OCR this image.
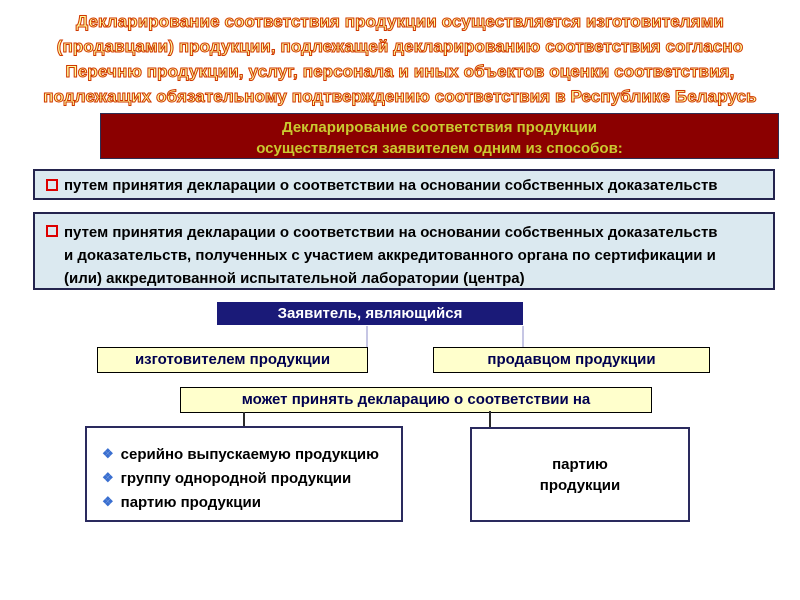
Декларирование соответствия продукции осуществляется изготовителями
(продавцами) продукции, подлежащей декларированию соответствия согласно
Перечню продукции, услуг, персонала и иных объектов оценки соответствия,
подлежащих обязательному подтверждению соответствия в Республике Беларусь
Декларирование соответствия продукции
осуществляется заявителем одним из способов:
путем принятия декларации о соответствии на основании собственных доказательств
путем принятия декларации о соответствии на основании собственных доказательств
и доказательств, полученных с участием аккредитованного органа по сертификации и
(или) аккредитованной испытательной лаборатории (центра)
Заявитель, являющийся
изготовителем продукции	продавцом продукции
может принять декларацию о соответствии на
❖ серийно выпускаемую продукцию
❖ группу однородной продукции
❖ партию продукции
партию
продукции
